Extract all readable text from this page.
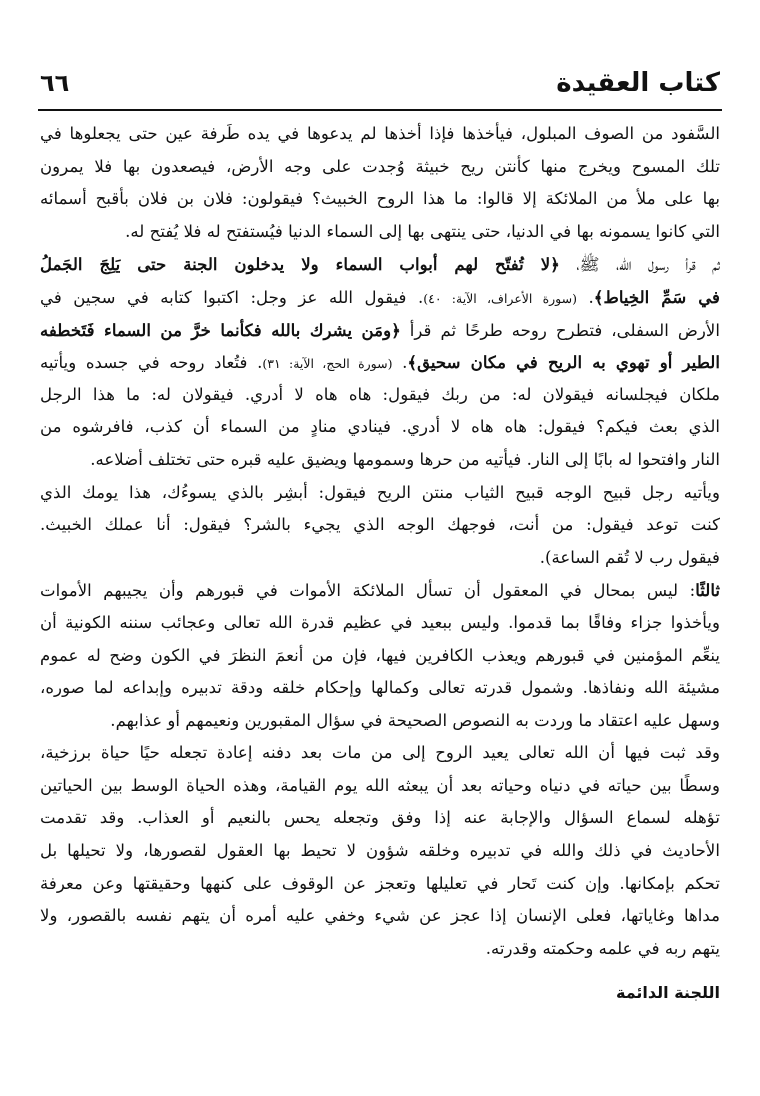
٦٦	كتاب العقيدة
السَّفود من الصوف المبلول، فيأخذها فإذا أخذها لم يدعوها في يده طَرفة عين حتى يجعلوها في
تلك المسوح ويخرج منها كأنتن ريح خبيثة وُجدت على وجه الأرض، فيصعدون بها فلا يمرون
بها على ملأ من الملائكة إلا قالوا: ما هذا الروح الخبيث؟ فيقولون: فلان بن فلان بأقبح أسمائه
التي كانوا يسمونه بها في الدنيا، حتى ينتهى بها إلى السماء الدنيا فيُستفتح له فلا يُفتح له.
ثم قرأ رسول الله، ﷺ، ﴿لا تُفتّح لهم أبواب السماء ولا يدخلون الجنة حتى يَلِجَ الجَملُ
في سَمِّ الخِياط﴾. (سورة الأعراف، الآية: ٤٠). فيقول الله عز وجل: اكتبوا كتابه في سجين في
الأرض السفلى، فتطرح روحه طرحًا ثم قرأ ﴿ومَن يشرك بالله فكأنما خرَّ من السماء فَتَخطفه
الطير أو تهوي به الريح في مكان سحيق﴾. (سورة الحج، الآية: ٣١). فتُعاد روحه في جسده ويأتيه
ملكان فيجلسانه فيقولان له: من ربك فيقول: هاه هاه لا أدري. فيقولان له: ما هذا الرجل
الذي بعث فيكم؟ فيقول: هاه هاه لا أدري. فينادي منادٍ من السماء أن كذب، فافرشوه من
النار وافتحوا له بابًا إلى النار. فيأتيه من حرها وسمومها ويضيق عليه قبره حتى تختلف أضلاعه.
ويأتيه رجل قبيح الوجه قبيح الثياب منتن الريح فيقول: أبشِر بالذي يسوءُك، هذا يومك الذي
كنت توعد فيقول: من أنت، فوجهك الوجه الذي يجيء بالشر؟ فيقول: أنا عملك الخبيث.
فيقول رب لا تُقم الساعة).
ثالثًا: ليس بمحال في المعقول أن تسأل الملائكة الأموات في قبورهم وأن يجيبهم الأموات
ويأخذوا جزاء وفاقًا بما قدموا. وليس ببعيد في عظيم قدرة الله تعالى وعجائب سننه الكونية أن
ينعِّم المؤمنين في قبورهم ويعذب الكافرين فيها، فإن من أنعمَ النظرَ في الكون وضح له عموم
مشيئة الله ونفاذها. وشمول قدرته تعالى وكمالها وإحكام خلقه ودقة تدبيره وإبداعه لما صوره،
وسهل عليه اعتقاد ما وردت به النصوص الصحيحة في سؤال المقبورين ونعيمهم أو عذابهم.
وقد ثبت فيها أن الله تعالى يعيد الروح إلى من مات بعد دفنه إعادة تجعله حيًا حياة برزخية،
وسطًا بين حياته في دنياه وحياته بعد أن يبعثه الله يوم القيامة، وهذه الحياة الوسط بين الحياتين
تؤهله لسماع السؤال والإجابة عنه إذا وفق وتجعله يحس بالنعيم أو العذاب. وقد تقدمت
الأحاديث في ذلك والله في تدبيره وخلقه شؤون لا تحيط بها العقول لقصورها، ولا تحيلها بل
تحكم بإمكانها. وإن كنت تَحار في تعليلها وتعجز عن الوقوف على كنهها وحقيقتها وعن معرفة
مداها وغاياتها، فعلى الإنسان إذا عجز عن شيء وخفي عليه أمره أن يتهم نفسه بالقصور، ولا
يتهم ربه في علمه وحكمته وقدرته.
اللجنة الدائمة
